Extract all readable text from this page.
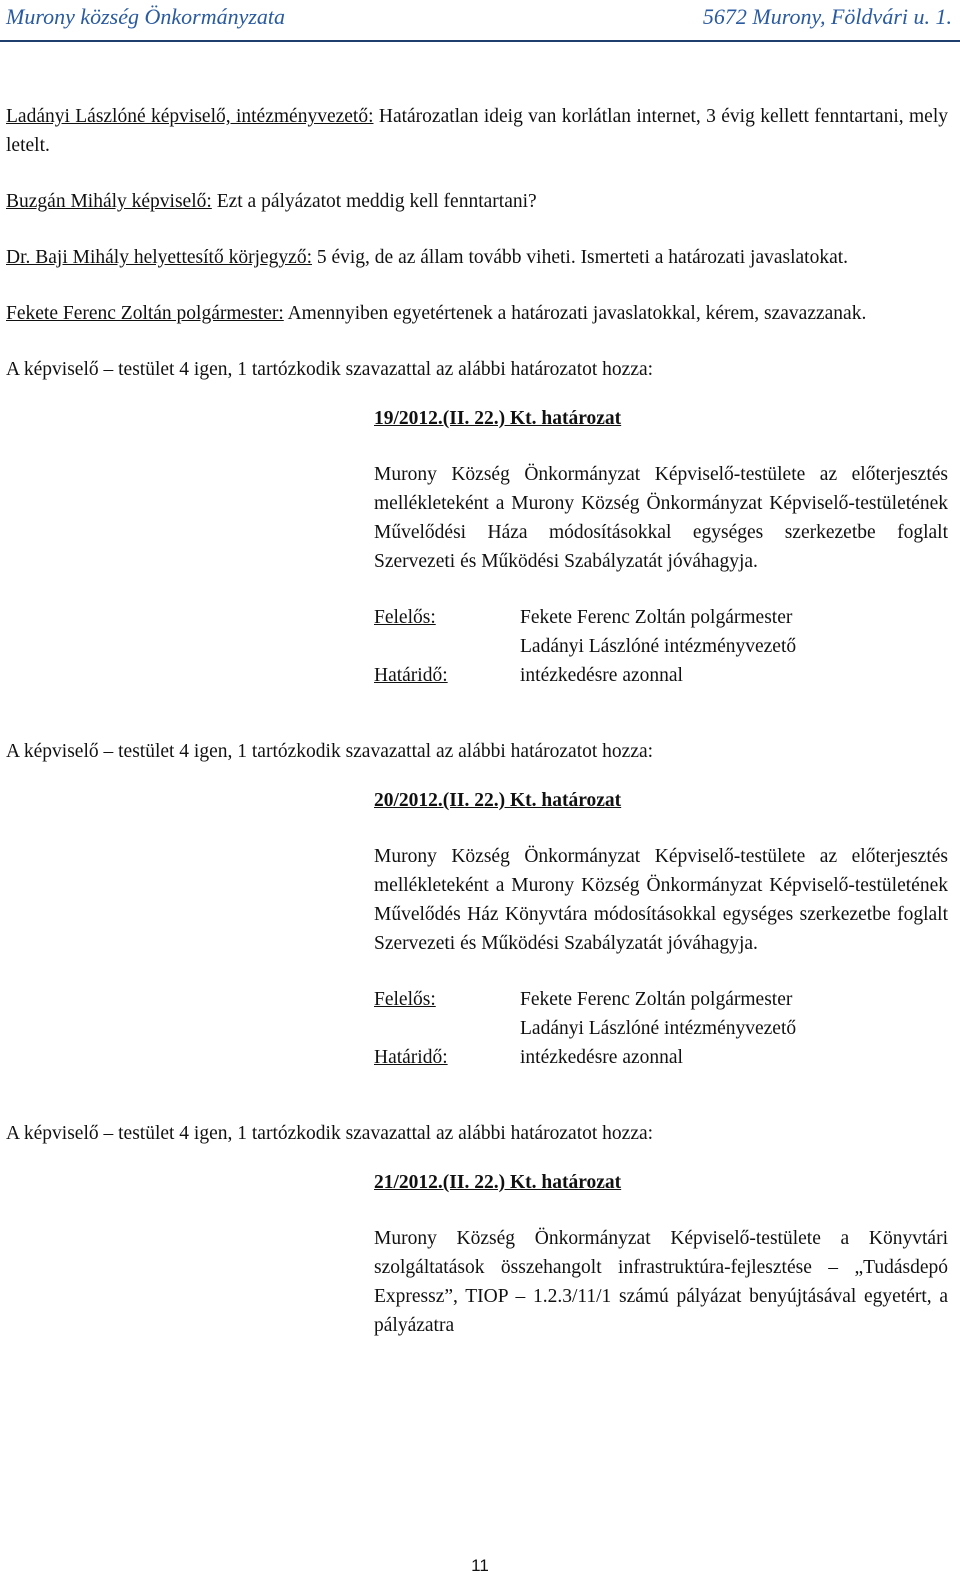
Murony község Önkormányzata	5672 Murony, Földvári u. 1.

Ladányi Lászlóné képviselő, intézményvezető: Határozatlan ideig van korlátlan internet, 3 évig kellett fenntartani, mely letelt.

Buzgán Mihály képviselő: Ezt a pályázatot meddig kell fenntartani?

Dr. Baji Mihály helyettesítő körjegyző: 5 évig, de az állam tovább viheti. Ismerteti a határozati javaslatokat.

Fekete Ferenc Zoltán polgármester: Amennyiben egyetértenek a határozati javaslatokkal, kérem, szavazzanak.

A képviselő – testület 4 igen, 1 tartózkodik szavazattal az alábbi határozatot hozza:

19/2012.(II. 22.) Kt. határozat
Murony Község Önkormányzat Képviselő-testülete az előterjesztés mellékleteként a Murony Község Önkormányzat Képviselő-testületének Művelődési Háza módosításokkal egységes szerkezetbe foglalt Szervezeti és Működési Szabályzatát jóváhagyja.
Felelős:	Fekete Ferenc Zoltán polgármester
Ladányi Lászlóné intézményvezető
Határidő:	intézkedésre azonnal

A képviselő – testület 4 igen, 1 tartózkodik szavazattal az alábbi határozatot hozza:

20/2012.(II. 22.) Kt. határozat
Murony Község Önkormányzat Képviselő-testülete az előterjesztés mellékleteként a Murony Község Önkormányzat Képviselő-testületének Művelődés Ház Könyvtára módosításokkal egységes szerkezetbe foglalt Szervezeti és Működési Szabályzatát jóváhagyja.
Felelős:	Fekete Ferenc Zoltán polgármester
Ladányi Lászlóné intézményvezető
Határidő:	intézkedésre azonnal

A képviselő – testület 4 igen, 1 tartózkodik szavazattal az alábbi határozatot hozza:

21/2012.(II. 22.) Kt. határozat
Murony Község Önkormányzat Képviselő-testülete a Könyvtári szolgáltatások összehangolt infrastruktúra-fejlesztése – „Tudásdepó Expressz”, TIOP – 1.2.3/11/1 számú pályázat benyújtásával egyetért, a pályázatra
11
